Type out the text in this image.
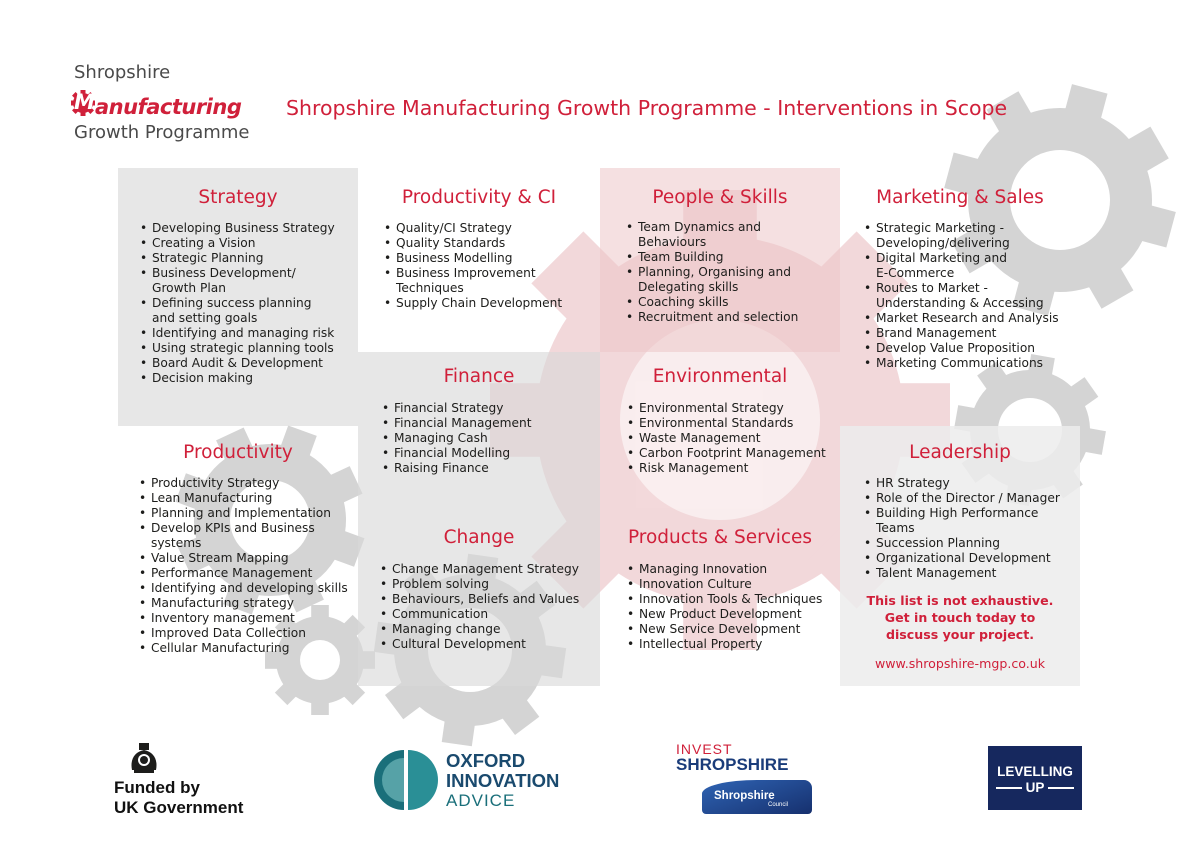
Shropshire
M anufacturing
Growth Programme
Shropshire Manufacturing Growth Programme - Interventions in Scope
Strategy
• Developing Business Strategy
• Creating a Vision
• Strategic Planning
• Business Development/
Growth Plan
• Defining success planning and setting goals
• Identifying and managing risk
• Using strategic planning tools
• Board Audit & Development
• Decision making
Productivity & CI
• Quality/CI Strategy
• Quality Standards
• Business Modelling
• Business Improvement Techniques
• Supply Chain Development
People & Skills
• Team Dynamics and Behaviours
• Team Building
• Planning, Organising and Delegating skills
• Coaching skills
• Recruitment and selection
Marketing & Sales
• Strategic Marketing - Developing/delivering
• Digital Marketing and E-Commerce
• Routes to Market - Understanding & Accessing
• Market Research and Analysis
• Brand Management
• Develop Value Proposition
• Marketing Communications
Finance
• Financial Strategy
• Financial Management
• Managing Cash
• Financial Modelling
• Raising Finance
Environmental
• Environmental Strategy
• Environmental Standards
• Waste Management
• Carbon Footprint Management
• Risk Management
Productivity
• Productivity Strategy
• Lean Manufacturing
• Planning and Implementation
• Develop KPIs and Business systems
• Value Stream Mapping
• Performance Management
• Identifying and developing skills
• Manufacturing strategy
• Inventory management
• Improved Data Collection
• Cellular Manufacturing
Leadership
• HR Strategy
• Role of the Director / Manager
• Building High Performance Teams
• Succession Planning
• Organizational Development
• Talent Management
This list is not exhaustive.
Get in touch today to
discuss your project.
www.shropshire-mgp.co.uk
Change
• Change Management Strategy
• Problem solving
• Behaviours, Beliefs and Values
• Communication
• Managing change
• Cultural Development
Products & Services
• Managing Innovation
• Innovation Culture
• Innovation Tools & Techniques
• New Product Development
• New Service Development
• Intellectual Property
Funded by
UK Government
OXFORD
INNOVATION
ADVICE
INVEST
SHROPSHIRE
Shropshire
Council
LEVELLING
UP
